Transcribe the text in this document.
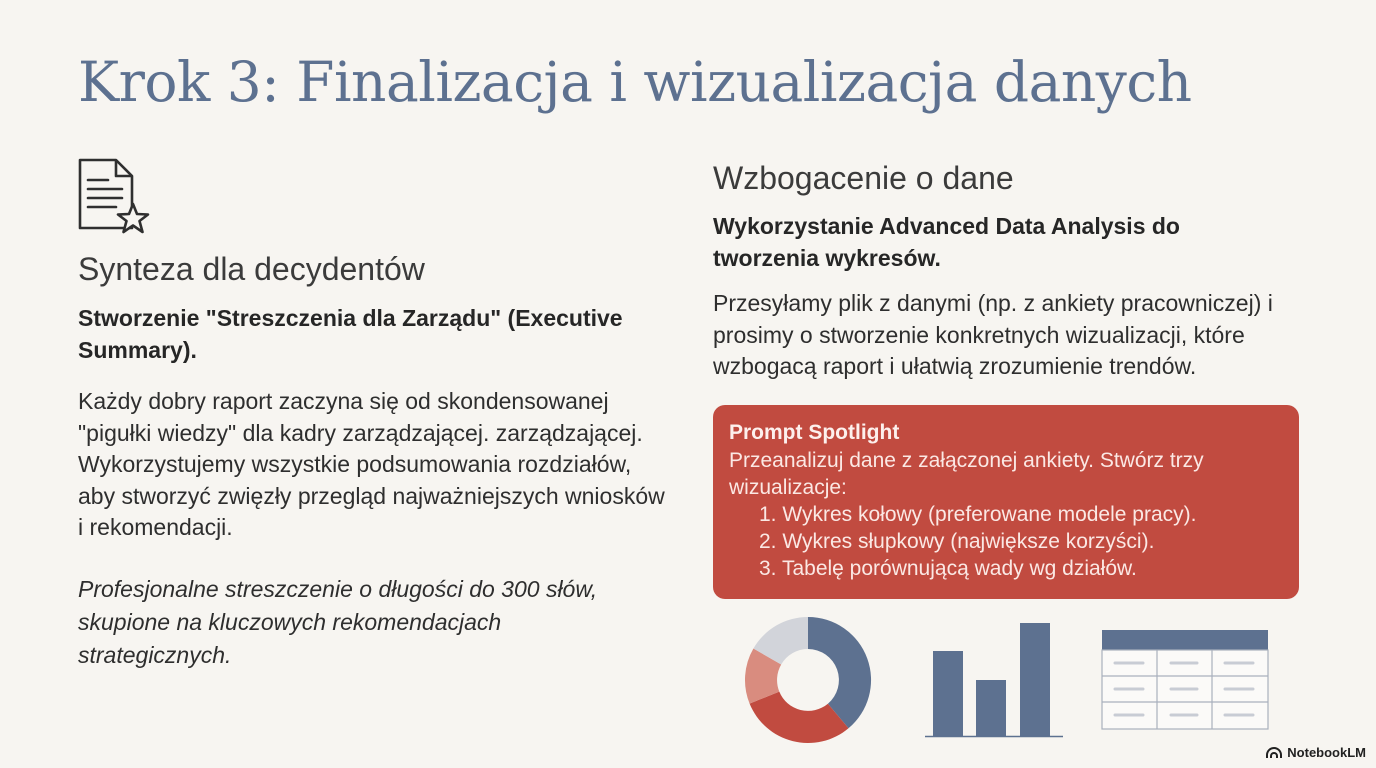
Krok 3: Finalizacja i wizualizacja danych
Synteza dla decydentów
Stworzenie "Streszczenia dla Zarządu" (Executive Summary).
Każdy dobry raport zaczyna się od skondensowanej "pigułki wiedzy" dla kadry zarządzającej. zarządzającej. Wykorzystujemy wszystkie podsumowania rozdziałów, aby stworzyć zwięzły przegląd najważniejszych wniosków i rekomendacji.
Profesjonalne streszczenie o długości do 300 słów, skupione na kluczowych rekomendacjach strategicznych.
Wzbogacenie o dane
Wykorzystanie Advanced Data Analysis do tworzenia wykresów.
Przesyłamy plik z danymi (np. z ankiety pracowniczej) i prosimy o stworzenie konkretnych wizualizacji, które wzbogacą raport i ułatwią zrozumienie trendów.
Prompt Spotlight
Przeanalizuj dane z załączonej ankiety. Stwórz trzy wizualizacje:
1. Wykres kołowy (preferowane modele pracy).
2. Wykres słupkowy (największe korzyści).
3. Tabelę porównującą wady wg działów.
NotebookLM
